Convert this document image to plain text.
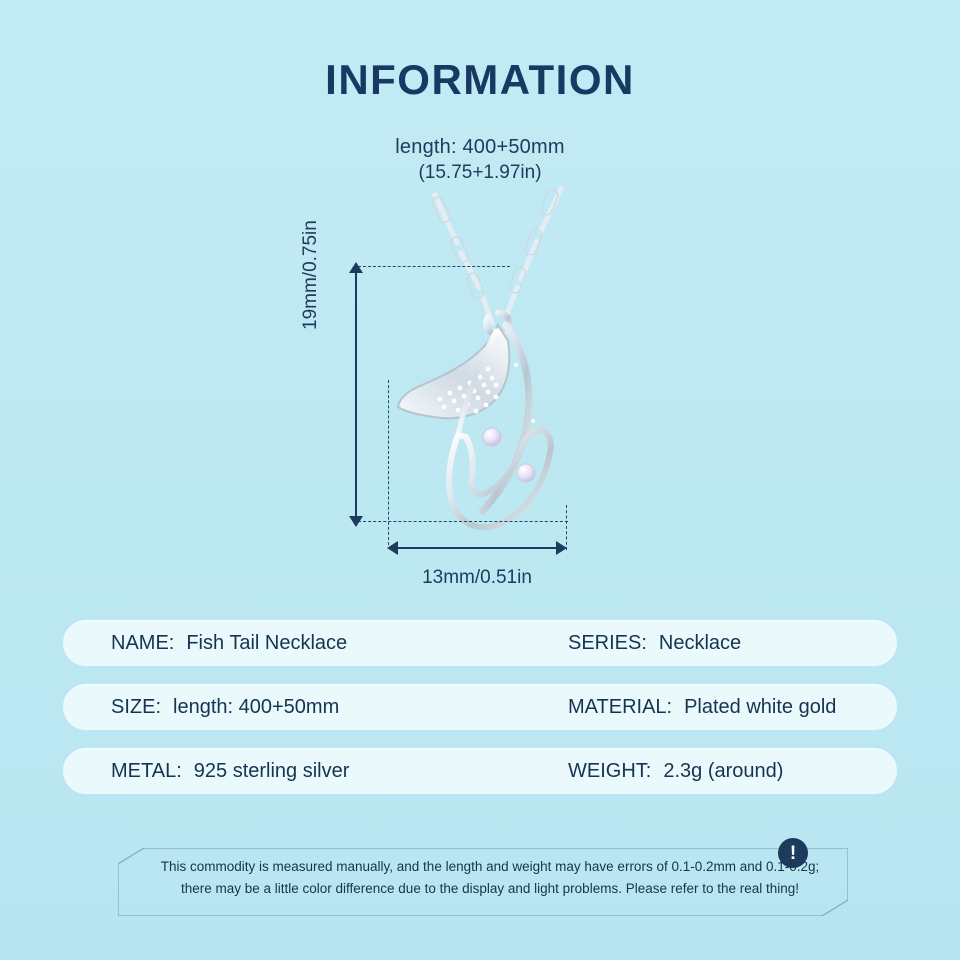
INFORMATION
length: 400+50mm
(15.75+1.97in)
19mm/0.75in
13mm/0.51in
NAME: Fish Tail Necklace	SERIES: Necklace
SIZE: length: 400+50mm	MATERIAL: Plated white gold
METAL: 925 sterling silver	WEIGHT: 2.3g (around)
!
This commodity is measured manually, and the length and weight may have errors of 0.1-0.2mm and 0.1-0.2g;
there may be a little color difference due to the display and light problems. Please refer to the real thing!
